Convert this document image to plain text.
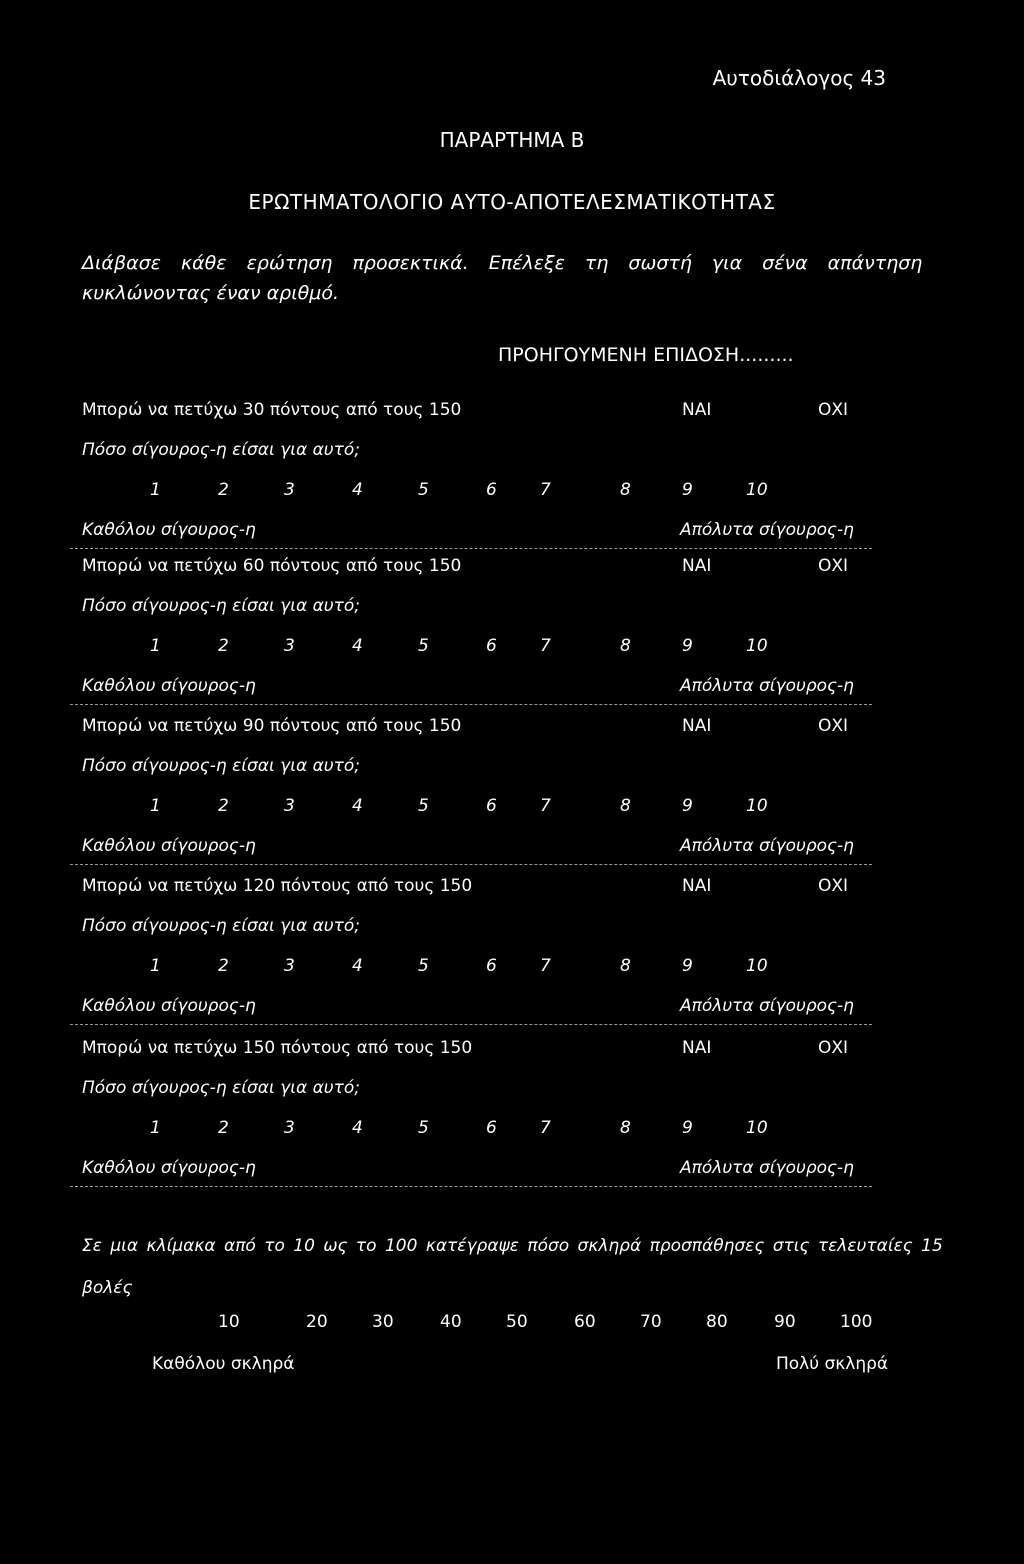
Αυτοδιάλογος 43
ΠΑΡΑΡΤΗΜΑ Β
ΕΡΩΤΗΜΑΤΟΛΟΓΙΟ ΑΥΤΟ-ΑΠΟΤΕΛΕΣΜΑΤΙΚΟΤΗΤΑΣ
Διάβασε κάθε ερώτηση προσεκτικά. Επέλεξε τη σωστή για σένα απάντηση
κυκλώνοντας έναν αριθμό.
ΠΡΟΗΓΟΥΜΕΝΗ ΕΠΙΔΟΣΗ.........
Μπορώ να πετύχω 30 πόντους από τους 150	ΝΑΙ	ΟΧΙ
Πόσο σίγουρος-η είσαι για αυτό;
Καθόλου σίγουρος-η	Απόλυτα σίγουρος-η
1	2	3	4	5	6	7	8	9	10
Μπορώ να πετύχω 60 πόντους από τους 150	ΝΑΙ	ΟΧΙ
Πόσο σίγουρος-η είσαι για αυτό;
Καθόλου σίγουρος-η	Απόλυτα σίγουρος-η
1	2	3	4	5	6	7	8	9	10
Μπορώ να πετύχω 90 πόντους από τους 150	ΝΑΙ	ΟΧΙ
Πόσο σίγουρος-η είσαι για αυτό;
Καθόλου σίγουρος-η	Απόλυτα σίγουρος-η
1	2	3	4	5	6	7	8	9	10
Μπορώ να πετύχω 120 πόντους από τους 150	ΝΑΙ	ΟΧΙ
Πόσο σίγουρος-η είσαι για αυτό;
Καθόλου σίγουρος-η	Απόλυτα σίγουρος-η
1	2	3	4	5	6	7	8	9	10
Μπορώ να πετύχω 150 πόντους από τους 150	ΝΑΙ	ΟΧΙ
Πόσο σίγουρος-η είσαι για αυτό;
Καθόλου σίγουρος-η	Απόλυτα σίγουρος-η
1	2	3	4	5	6	7	8	9	10
Σε μια κλίμακα από το 10 ως το 100 κατέγραψε πόσο σκληρά προσπάθησες στις τελευταίες 15
βολές
10	20	30	40	50	60	70	80	90	100
Καθόλου σκληρά	Πολύ σκληρά
